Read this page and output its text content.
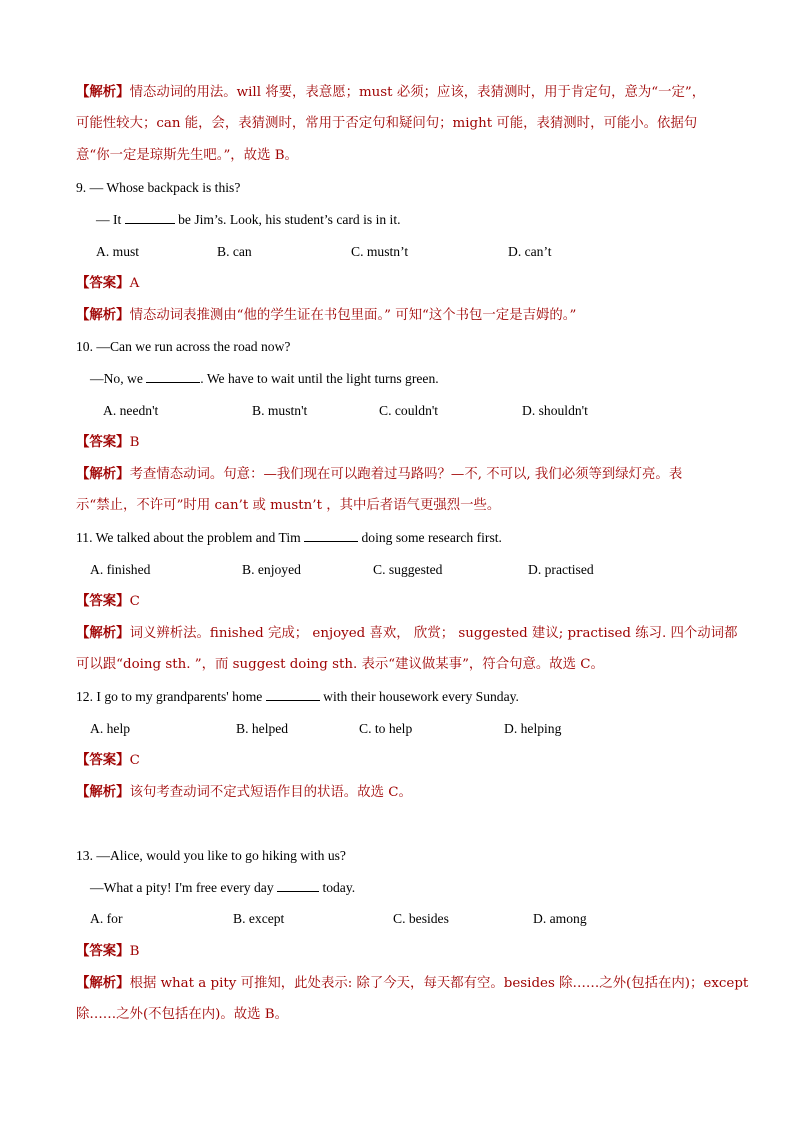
【解析】情态动词的用法。will 将要，表意愿；must 必须；应该，表猜测时，用于肯定句，意为“一定”，
可能性较大；can 能，会，表猜测时，常用于否定句和疑问句；might 可能，表猜测时，可能小。依据句
意“你一定是琼斯先生吧。”，故选 B。
9. — Whose backpack is this?
— It	be Jim’s. Look, his student’s card is in it.
A. must	B. can	C. mustn’t	D. can’t
【答案】A
【解析】情态动词表推测由“他的学生证在书包里面。” 可知“这个书包一定是吉姆的。”
10. —Can we run across the road now?
—No, we	. We have to wait until the light turns green.
A. needn't	B. mustn't	C. couldn't	D. shouldn't
【答案】B
【解析】考查情态动词。句意：—我们现在可以跑着过马路吗？—不, 不可以, 我们必须等到绿灯亮。表
示“禁止，不许可”时用 can’t 或 mustn’t ，其中后者语气更强烈一些。
11. We talked about the problem and Tim	doing some research first.
A. finished	B. enjoyed	C. suggested	D. practised
【答案】C
【解析】词义辨析法。finished 完成； enjoyed 喜欢， 欣赏； suggested 建议; practised 练习. 四个动词都
可以跟“doing sth. ”，而 suggest doing sth. 表示“建议做某事”，符合句意。故选 C。
12. I go to my grandparents' home	with their housework every Sunday.
A. help	B. helped	C. to help	D. helping
【答案】C
【解析】该句考查动词不定式短语作目的状语。故选 C。
13. —Alice, would you like to go hiking with us?
—What a pity! I'm free every day	today.
A. for	B. except	C. besides	D. among
【答案】B
【解析】根据 what a pity 可推知，此处表示: 除了今天，每天都有空。besides 除……之外(包括在内)；except
除……之外(不包括在内)。故选 B。
